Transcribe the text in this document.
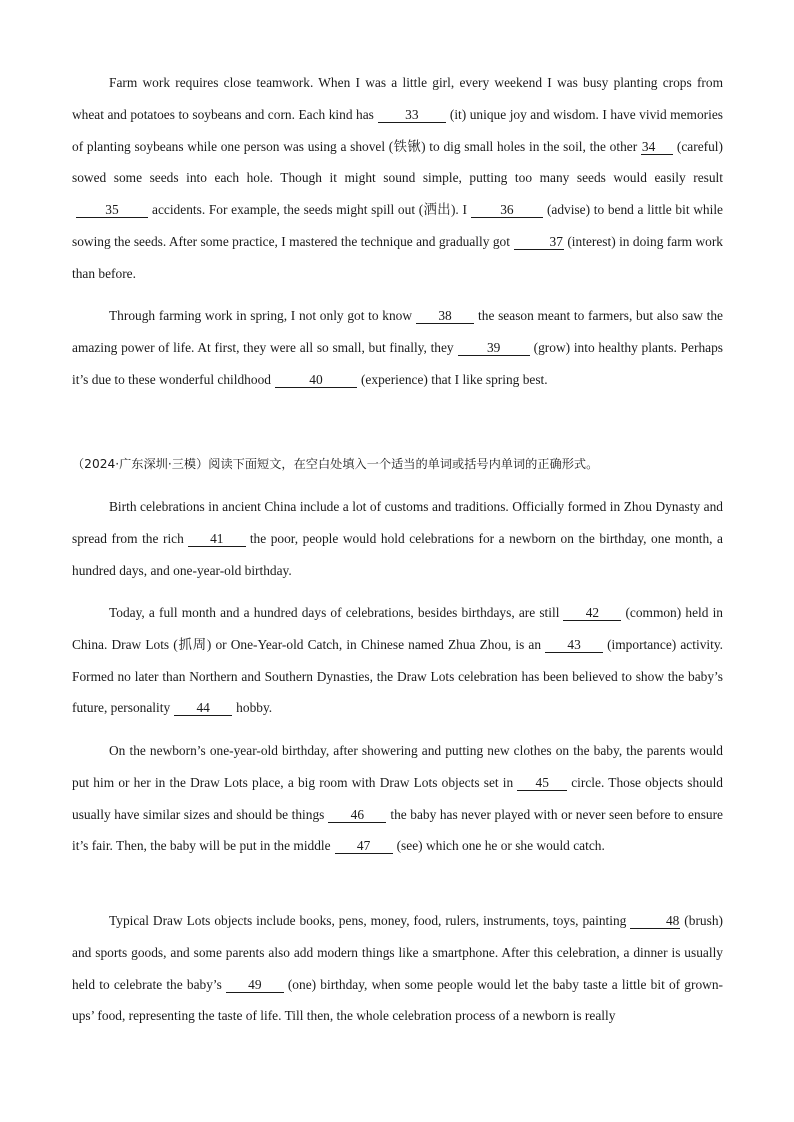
Farm work requires close teamwork. When I was a little girl, every weekend I was busy planting crops from wheat and potatoes to soybeans and corn. Each kind has 33 (it) unique joy and wisdom. I have vivid memories of planting soybeans while one person was using a shovel (铁锹) to dig small holes in the soil, the other 34 (careful) sowed some seeds into each hole. Though it might sound simple, putting too many seeds would easily result35 accidents. For example, the seeds might spill out (洒出). I 36 (advise) to bend a little bit while sowing the seeds. After some practice, I mastered the technique and gradually got	37 (interest) in doing farm work than before.

Through farming work in spring, I not only got to know 38 the season meant to farmers, but also saw the amazing power of life. At first, they were all so small, but finally, they 39 (grow) into healthy plants. Perhaps it’s due to these wonderful childhood	40	(experience) that I like spring best.

（2024·广东深圳·三模）阅读下面短文，在空白处填入一个适当的单词或括号内单词的正确形式。

Birth celebrations in ancient China include a lot of customs and traditions. Officially formed in Zhou Dynasty and spread from the rich 41 the poor, people would hold celebrations for a newborn on the birthday, one month, a hundred days, and one-year-old birthday.

Today, a full month and a hundred days of celebrations, besides birthdays, are still 42 (common) held in China. Draw Lots (抓周) or One-Year-old Catch, in Chinese named Zhua Zhou, is an 43 (importance) activity. Formed no later than Northern and Southern Dynasties, the Draw Lots celebration has been believed to show the baby’s future, personality 44 hobby.

On the newborn’s one-year-old birthday, after showering and putting new clothes on the baby, the parents would put him or her in the Draw Lots place, a big room with Draw Lots objects set in 45 circle. Those objects should usually have similar sizes and should be things 46 the baby has never played with or never seen before to ensure it’s fair. Then, the baby will be put in the middle 47 (see) which one he or she would catch.

Typical Draw Lots objects include books, pens, money, food, rulers, instruments, toys, painting	48 (brush) and sports goods, and some parents also add modern things like a smartphone. After this celebration, a dinner is usually held to celebrate the baby’s 49 (one) birthday, when some people would let the baby taste a little bit of grown-ups’ food, representing the taste of life. Till then, the whole celebration process of a newborn is really
